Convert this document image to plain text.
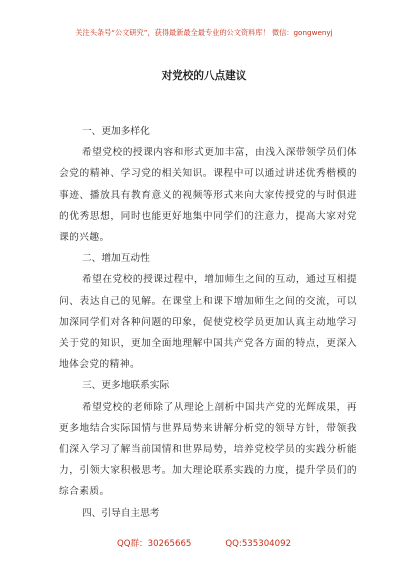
关注头条号“公文研究”，获得最新最全最专业的公文资料库！ 微信：gongwenyj
对党校的八点建议

一、更加多样化

希望党校的授课内容和形式更加丰富，由浅入深带领学员们体会党的精神、学习党的相关知识。课程中可以通过讲述优秀楷模的事迹、播放具有教育意义的视频等形式来向大家传授党的与时俱进的优秀思想，同时也能更好地集中同学们的注意力，提高大家对党课的兴趣。

二、增加互动性

希望在党校的授课过程中，增加师生之间的互动，通过互相提问、表达自己的见解。在课堂上和课下增加师生之间的交流，可以加深同学们对各种问题的印象，促使党校学员更加认真主动地学习关于党的知识，更加全面地理解中国共产党各方面的特点，更深入地体会党的精神。

三、更多地联系实际

希望党校的老师除了从理论上剖析中国共产党的光辉成果，再更多地结合实际国情与世界局势来讲解分析党的领导方针，带领我们深入学习了解当前国情和世界局势，培养党校学员的实践分析能力，引领大家积极思考。加大理论联系实践的力度，提升学员们的综合素质。

四、引导自主思考

QQ群：30265665	QQ:535304092
